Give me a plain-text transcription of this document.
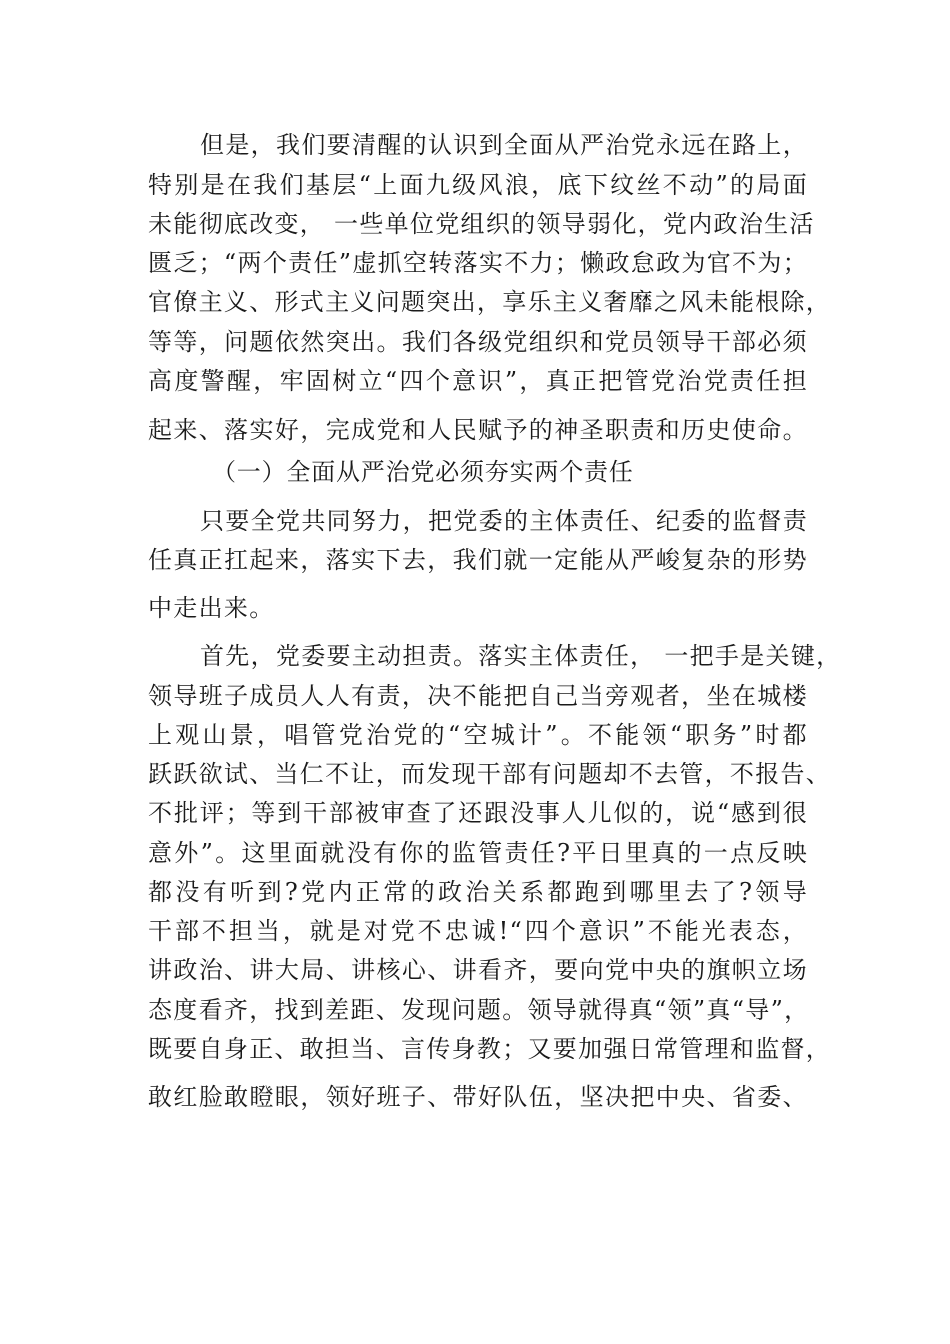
但是，我们要清醒的认识到全面从严治党永远在路上，
特别是在我们基层“上面九级风浪，底下纹丝不动”的局面
未能彻底改变， 一些单位党组织的领导弱化，党内政治生活
匮乏；“两个责任”虚抓空转落实不力；懒政怠政为官不为；
官僚主义、形式主义问题突出，享乐主义奢靡之风未能根除，
等等，问题依然突出。我们各级党组织和党员领导干部必须
高度警醒，牢固树立“四个意识”，真正把管党治党责任担
起来、落实好，完成党和人民赋予的神圣职责和历史使命。
（一）全面从严治党必须夯实两个责任
只要全党共同努力，把党委的主体责任、纪委的监督责
任真正扛起来，落实下去，我们就一定能从严峻复杂的形势
中走出来。
首先，党委要主动担责。落实主体责任， 一把手是关键，
领导班子成员人人有责，决不能把自己当旁观者，坐在城楼
上观山景，唱管党治党的“空城计”。不能领“职务”时都
跃跃欲试、当仁不让，而发现干部有问题却不去管，不报告、
不批评；等到干部被审查了还跟没事人儿似的，说“感到很
意外”。这里面就没有你的监管责任?平日里真的一点反映
都没有听到?党内正常的政治关系都跑到哪里去了?领导
干部不担当，就是对党不忠诚!“四个意识”不能光表态，
讲政治、讲大局、讲核心、讲看齐，要向党中央的旗帜立场
态度看齐，找到差距、发现问题。领导就得真“领”真“导”，
既要自身正、敢担当、言传身教；又要加强日常管理和监督，
敢红脸敢瞪眼，领好班子、带好队伍，坚决把中央、省委、
